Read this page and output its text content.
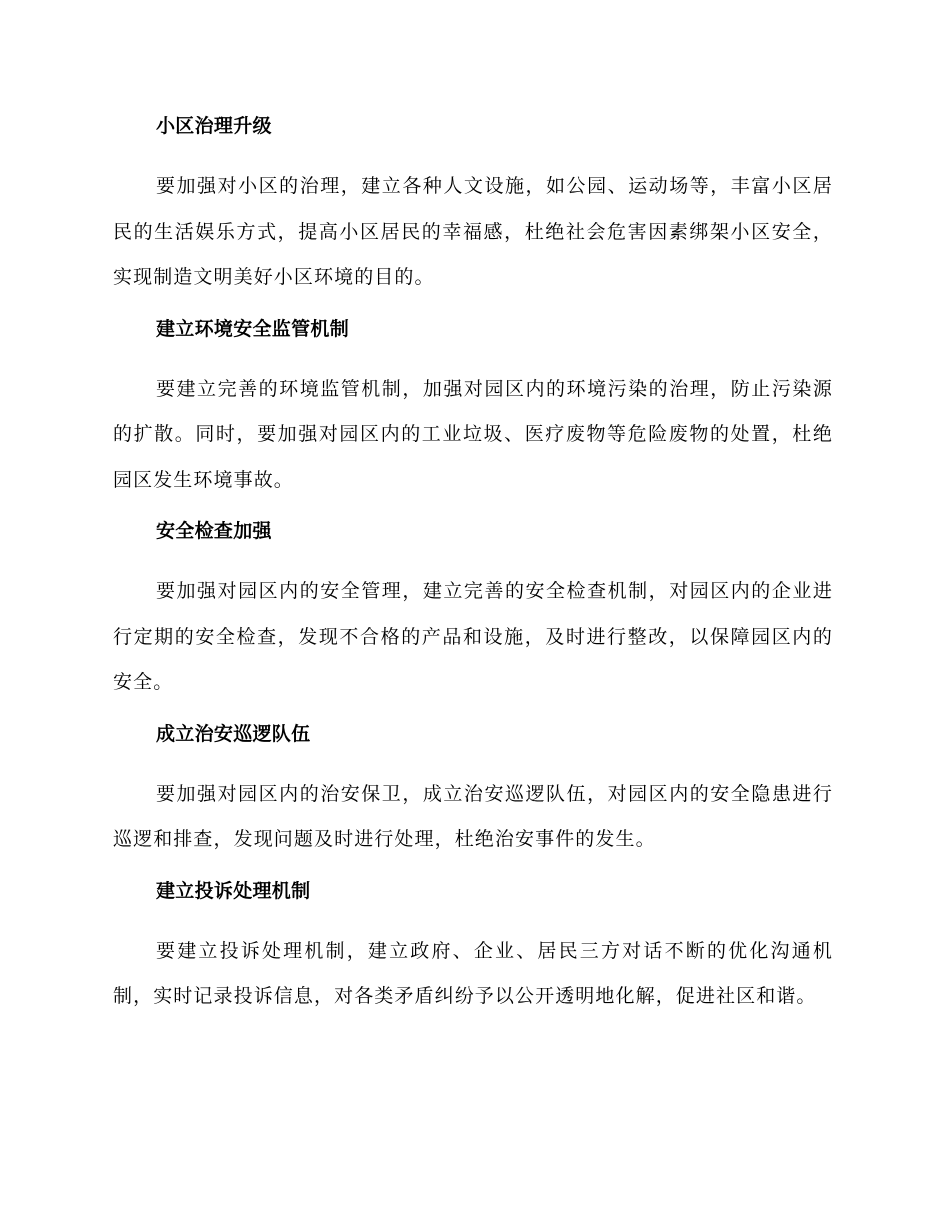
小区治理升级

要加强对小区的治理，建立各种人文设施，如公园、运动场等，丰富小区居民的生活娱乐方式，提高小区居民的幸福感，杜绝社会危害因素绑架小区安全，实现制造文明美好小区环境的目的。

建立环境安全监管机制

要建立完善的环境监管机制，加强对园区内的环境污染的治理，防止污染源的扩散。同时，要加强对园区内的工业垃圾、医疗废物等危险废物的处置，杜绝园区发生环境事故。

安全检查加强

要加强对园区内的安全管理，建立完善的安全检查机制，对园区内的企业进行定期的安全检查，发现不合格的产品和设施，及时进行整改，以保障园区内的安全。

成立治安巡逻队伍

要加强对园区内的治安保卫，成立治安巡逻队伍，对园区内的安全隐患进行巡逻和排查，发现问题及时进行处理，杜绝治安事件的发生。

建立投诉处理机制

要建立投诉处理机制，建立政府、企业、居民三方对话不断的优化沟通机制，实时记录投诉信息，对各类矛盾纠纷予以公开透明地化解，促进社区和谐。
